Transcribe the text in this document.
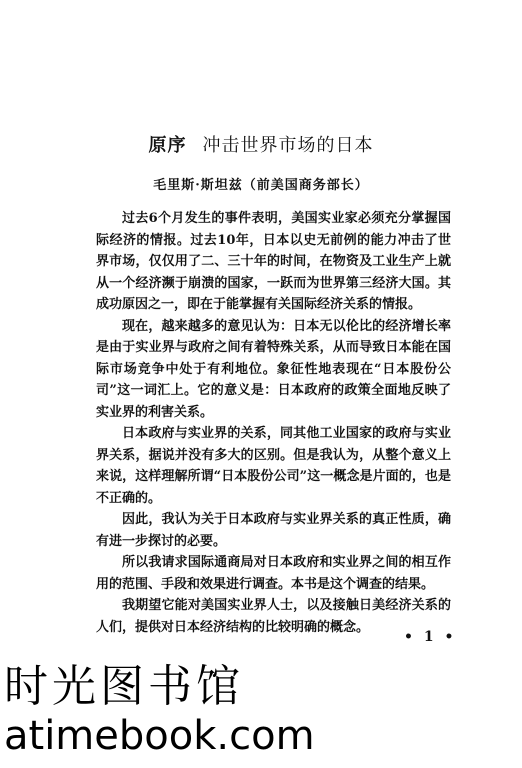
原序 冲击世界市场的日本
毛里斯·斯坦兹（前美国商务部长）

过去6个月发生的事件表明，美国实业家必须充分掌握国际经济的情报。过去10年，日本以史无前例的能力冲击了世界市场，仅仅用了二、三十年的时间，在物资及工业生产上就从一个经济濒于崩溃的国家，一跃而为世界第三经济大国。其成功原因之一，即在于能掌握有关国际经济关系的情报。

现在，越来越多的意见认为：日本无以伦比的经济增长率是由于实业界与政府之间有着特殊关系，从而导致日本能在国际市场竞争中处于有利地位。象征性地表现在“日本股份公司”这一词汇上。它的意义是：日本政府的政策全面地反映了实业界的利害关系。

日本政府与实业界的关系，同其他工业国家的政府与实业界关系，据说并没有多大的区别。但是我认为，从整个意义上来说，这样理解所谓“日本股份公司”这一概念是片面的，也是不正确的。

因此，我认为关于日本政府与实业界关系的真正性质，确有进一步探讨的必要。

所以我请求国际通商局对日本政府和实业界之间的相互作用的范围、手段和效果进行调查。本书是这个调查的结果。

我期望它能对美国实业界人士，以及接触日美经济关系的人们，提供对日本经济结构的比较明确的概念。

• 1 •
时光图书馆
atimebook.com
